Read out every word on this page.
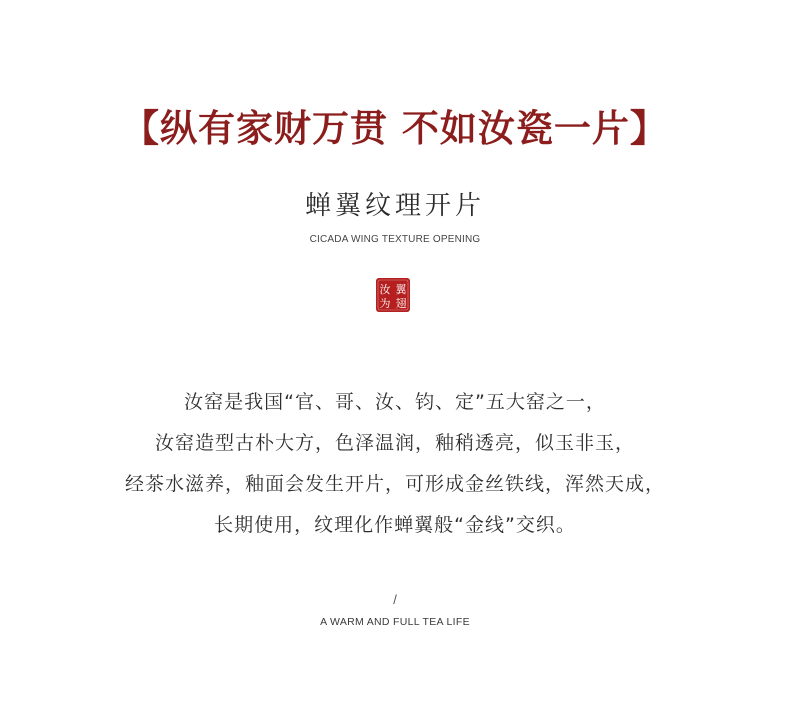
【纵有家财万贯 不如汝瓷一片】
蝉翼纹理开片
CICADA WING TEXTURE OPENING
汝
为
翼
翅
汝窑是我国“官、哥、汝、钧、定”五大窑之一，
汝窑造型古朴大方，色泽温润，釉稍透亮，似玉非玉，
经茶水滋养，釉面会发生开片，可形成金丝铁线，浑然天成，
长期使用，纹理化作蝉翼般“金线”交织。
/
A WARM AND FULL TEA LIFE
